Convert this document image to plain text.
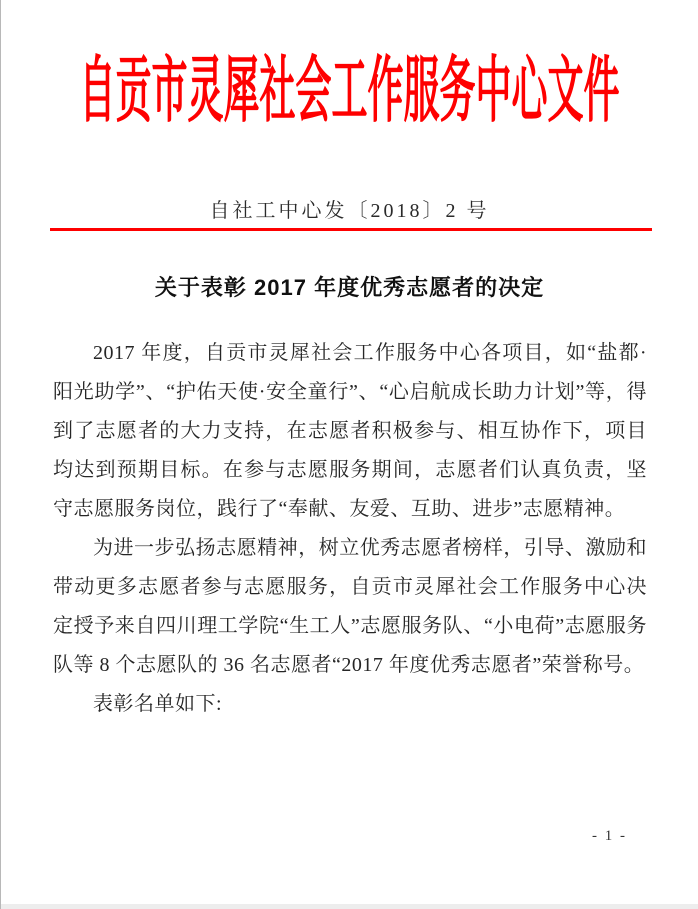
自贡市灵犀社会工作服务中心文件
自社工中心发〔2018〕2 号
关于表彰 2017 年度优秀志愿者的决定

2017 年度，自贡市灵犀社会工作服务中心各项目，如“盐都·阳光助学”、“护佑天使·安全童行”、“心启航成长助力计划”等，得到了志愿者的大力支持，在志愿者积极参与、相互协作下，项目均达到预期目标。在参与志愿服务期间，志愿者们认真负责，坚守志愿服务岗位，践行了“奉献、友爱、互助、进步”志愿精神。

为进一步弘扬志愿精神，树立优秀志愿者榜样，引导、激励和带动更多志愿者参与志愿服务，自贡市灵犀社会工作服务中心决定授予来自四川理工学院“生工人”志愿服务队、“小电荷”志愿服务队等 8 个志愿队的 36 名志愿者“2017 年度优秀志愿者”荣誉称号。

表彰名单如下:

- 1 -
